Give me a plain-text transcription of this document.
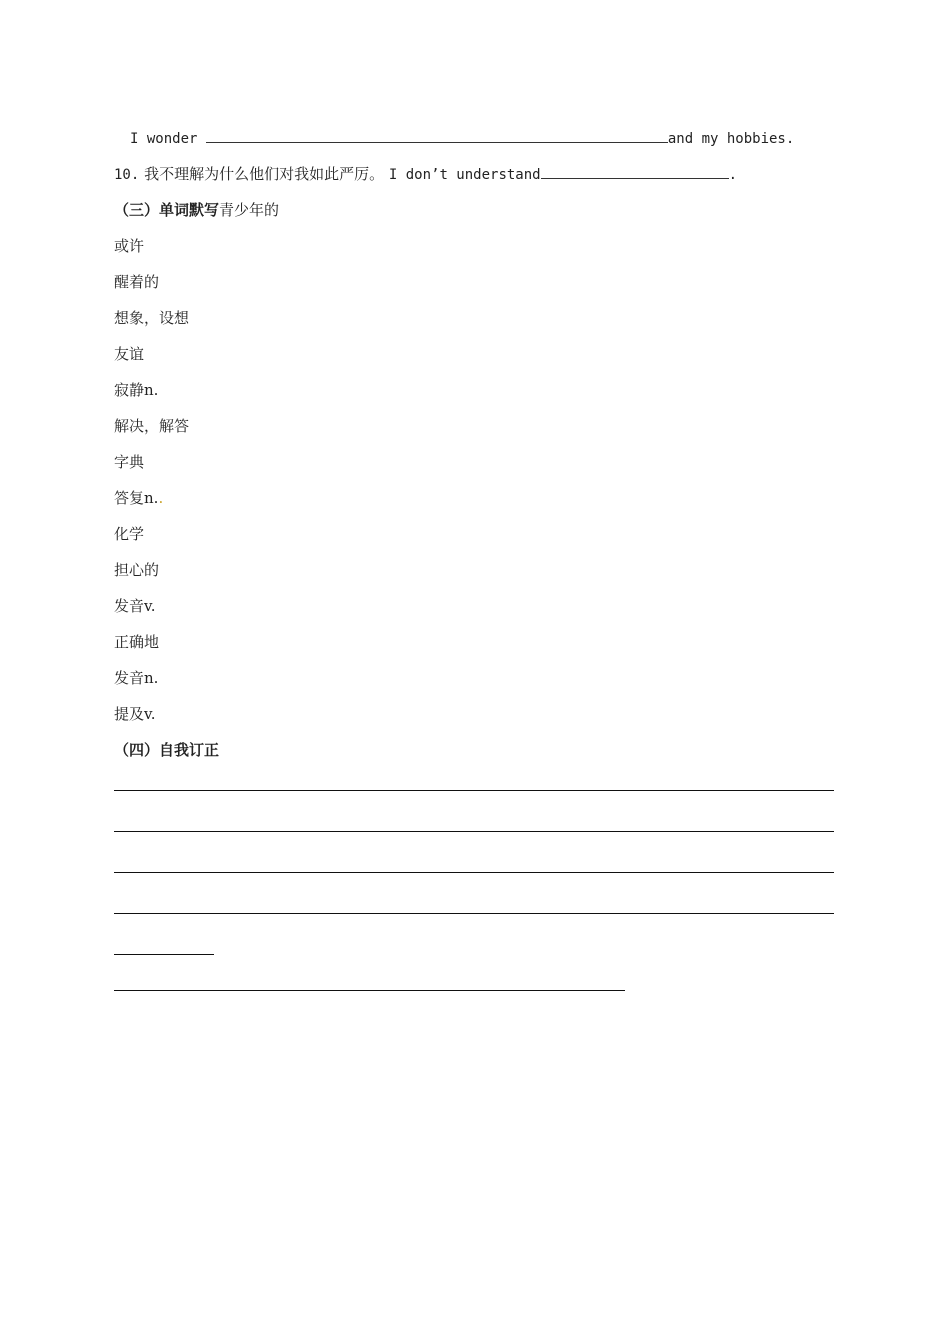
I wonder	and my hobbies.
10. 我不理解为什么他们对我如此严厉。 I don’t understand	.
（三）单词默写青少年的
或许
醒着的
想象，设想
友谊
寂静n.
解决，解答
字典
答复n..
化学
担心的
发音v.
正确地
发音n.
提及v.
（四）自我订正
